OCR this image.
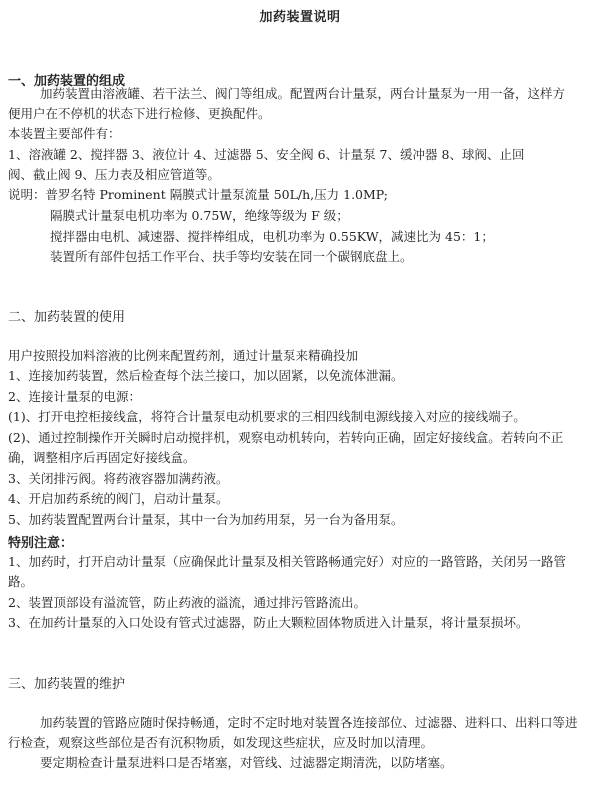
加药装置说明
一、加药装置的组成
加药装置由溶液罐、若干法兰、阀门等组成。配置两台计量泵，两台计量泵为一用一备，这样方
便用户在不停机的状态下进行检修、更换配件。
本装置主要部件有：
1、溶液罐 2、搅拌器 3、液位计 4、过滤器 5、安全阀 6、计量泵 7、缓冲器 8、球阀、止回
阀、截止阀 9、压力表及相应管道等。
说明：普罗名特 Prominent 隔膜式计量泵流量 50L/h,压力 1.0MP;
隔膜式计量泵电机功率为 0.75W，绝缘等级为 F 级；
搅拌器由电机、减速器、搅拌棒组成，电机功率为 0.55KW，减速比为 45：1；
装置所有部件包括工作平台、扶手等均安装在同一个碳钢底盘上。
二、加药装置的使用
用户按照投加料溶液的比例来配置药剂，通过计量泵来精确投加
1、连接加药装置，然后检查每个法兰接口，加以固紧，以免流体泄漏。
2、连接计量泵的电源：
(1)、打开电控柜接线盒，将符合计量泵电动机要求的三相四线制电源线接入对应的接线端子。
(2)、通过控制操作开关瞬时启动搅拌机，观察电动机转向，若转向正确，固定好接线盒。若转向不正
确，调整相序后再固定好接线盒。
3、关闭排污阀。将药液容器加满药液。
4、开启加药系统的阀门，启动计量泵。
5、加药装置配置两台计量泵，其中一台为加药用泵，另一台为备用泵。
特别注意：
1、加药时，打开启动计量泵（应确保此计量泵及相关管路畅通完好）对应的一路管路，关闭另一路管
路。
2、装置顶部设有溢流管，防止药液的溢流，通过排污管路流出。
3、在加药计量泵的入口处设有管式过滤器，防止大颗粒固体物质进入计量泵，将计量泵损坏。
三、加药装置的维护
加药装置的管路应随时保持畅通，定时不定时地对装置各连接部位、过滤器、进料口、出料口等进
行检查，观察这些部位是否有沉积物质，如发现这些症状，应及时加以清理。
要定期检查计量泵进料口是否堵塞，对管线、过滤器定期清洗，以防堵塞。
